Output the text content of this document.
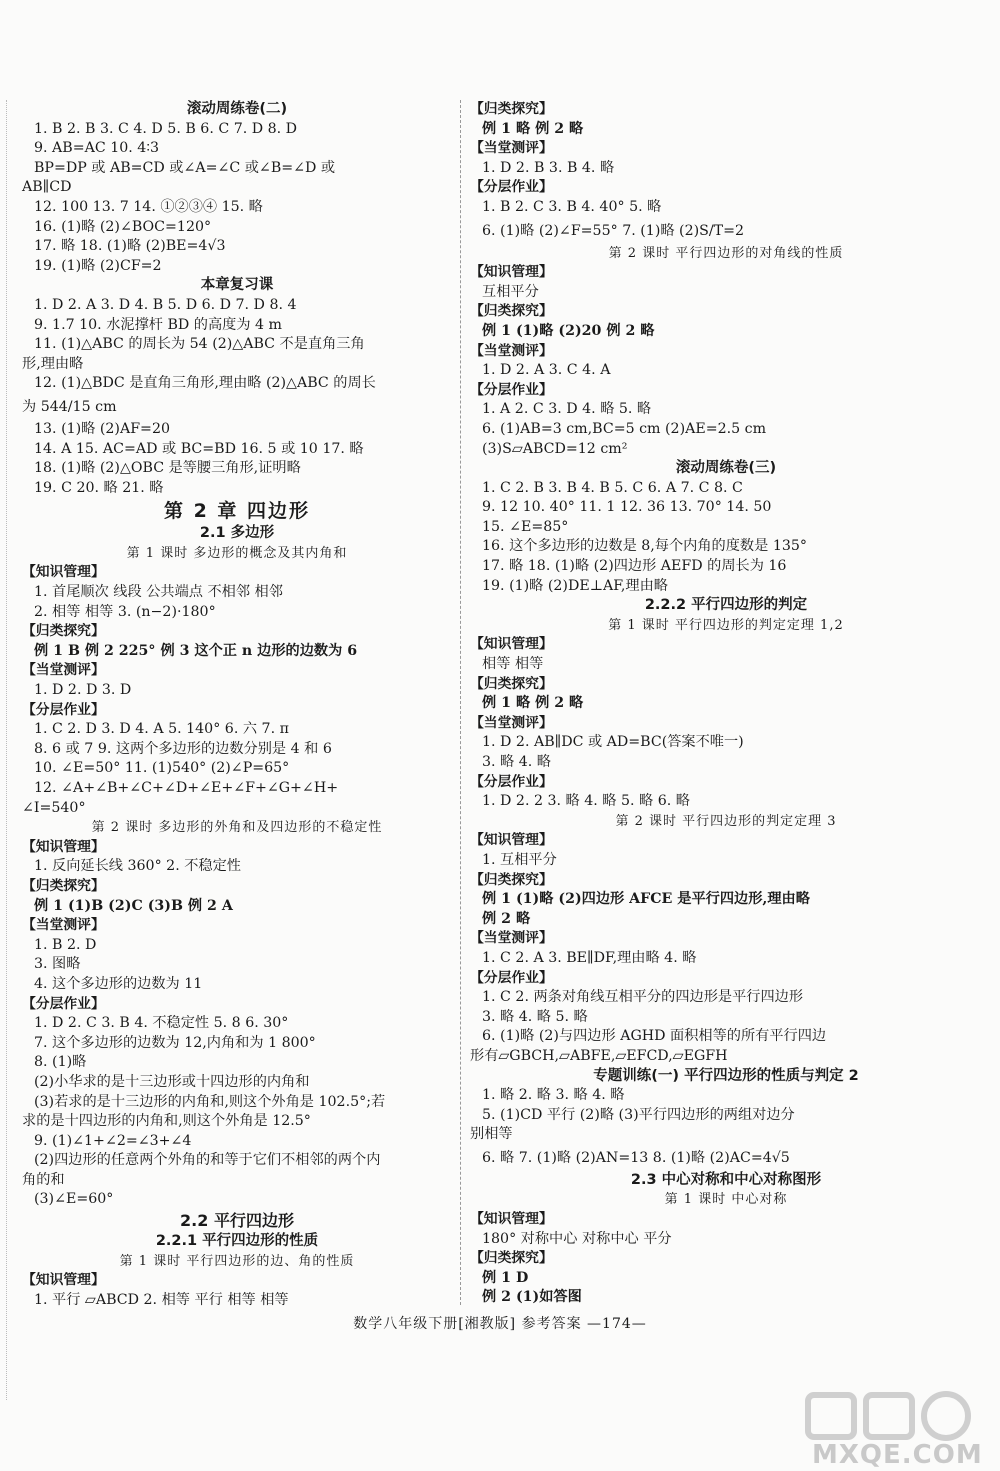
滚动周练卷(二)
1. B 2. B 3. C 4. D 5. B 6. C 7. D 8. D
9. AB=AC 10. 4∶3
BP=DP 或 AB=CD 或∠A=∠C 或∠B=∠D 或
AB∥CD
12. 100 13. 7 14. ①②③④ 15. 略
16. (1)略 (2)∠BOC=120°
17. 略 18. (1)略 (2)BE=4√3
19. (1)略 (2)CF=2
本章复习课
1. D 2. A 3. D 4. B 5. D 6. D 7. D 8. 4
9. 1.7 10. 水泥撑杆 BD 的高度为 4 m
11. (1)△ABC 的周长为 54 (2)△ABC 不是直角三角
形,理由略
12. (1)△BDC 是直角三角形,理由略 (2)△ABC 的周长
为 544/15 cm
13. (1)略 (2)AF=20
14. A 15. AC=AD 或 BC=BD 16. 5 或 10 17. 略
18. (1)略 (2)△OBC 是等腰三角形,证明略
19. C 20. 略 21. 略
第 2 章 四边形
2.1 多边形
第 1 课时 多边形的概念及其内角和
【知识管理】
1. 首尾顺次 线段 公共端点 不相邻 相邻
2. 相等 相等 3. (n−2)·180°
【归类探究】
例 1 B 例 2 225° 例 3 这个正 n 边形的边数为 6
【当堂测评】
1. D 2. D 3. D
【分层作业】
1. C 2. D 3. D 4. A 5. 140° 6. 六 7. π
8. 6 或 7 9. 这两个多边形的边数分别是 4 和 6
10. ∠E=50° 11. (1)540° (2)∠P=65°
12. ∠A+∠B+∠C+∠D+∠E+∠F+∠G+∠H+
∠I=540°
第 2 课时 多边形的外角和及四边形的不稳定性
【知识管理】
1. 反向延长线 360° 2. 不稳定性
【归类探究】
例 1 (1)B (2)C (3)B 例 2 A
【当堂测评】
1. B 2. D
3. 图略
4. 这个多边形的边数为 11
【分层作业】
1. D 2. C 3. B 4. 不稳定性 5. 8 6. 30°
7. 这个多边形的边数为 12,内角和为 1 800°
8. (1)略
(2)小华求的是十三边形或十四边形的内角和
(3)若求的是十三边形的内角和,则这个外角是 102.5°;若
求的是十四边形的内角和,则这个外角是 12.5°
9. (1)∠1+∠2=∠3+∠4
(2)四边形的任意两个外角的和等于它们不相邻的两个内
角的和
(3)∠E=60°
2.2 平行四边形
2.2.1 平行四边形的性质
第 1 课时 平行四边形的边、角的性质
【知识管理】
1. 平行 ▱ABCD 2. 相等 平行 相等 相等
【归类探究】
例 1 略 例 2 略
【当堂测评】
1. D 2. B 3. B 4. 略
【分层作业】
1. B 2. C 3. B 4. 40° 5. 略
6. (1)略 (2)∠F=55° 7. (1)略 (2)S/T=2
第 2 课时 平行四边形的对角线的性质
【知识管理】
互相平分
【归类探究】
例 1 (1)略 (2)20 例 2 略
【当堂测评】
1. D 2. A 3. C 4. A
【分层作业】
1. A 2. C 3. D 4. 略 5. 略
6. (1)AB=3 cm,BC=5 cm (2)AE=2.5 cm
(3)S▱ABCD=12 cm²
滚动周练卷(三)
1. C 2. B 3. B 4. B 5. C 6. A 7. C 8. C
9. 12 10. 40° 11. 1 12. 36 13. 70° 14. 50
15. ∠E=85°
16. 这个多边形的边数是 8,每个内角的度数是 135°
17. 略 18. (1)略 (2)四边形 AEFD 的周长为 16
19. (1)略 (2)DE⊥AF,理由略
2.2.2 平行四边形的判定
第 1 课时 平行四边形的判定定理 1,2
【知识管理】
相等 相等
【归类探究】
例 1 略 例 2 略
【当堂测评】
1. D 2. AB∥DC 或 AD=BC(答案不唯一)
3. 略 4. 略
【分层作业】
1. D 2. 2 3. 略 4. 略 5. 略 6. 略
第 2 课时 平行四边形的判定定理 3
【知识管理】
1. 互相平分
【归类探究】
例 1 (1)略 (2)四边形 AFCE 是平行四边形,理由略
例 2 略
【当堂测评】
1. C 2. A 3. BE∥DF,理由略 4. 略
【分层作业】
1. C 2. 两条对角线互相平分的四边形是平行四边形
3. 略 4. 略 5. 略
6. (1)略 (2)与四边形 AGHD 面积相等的所有平行四边
形有▱GBCH,▱ABFE,▱EFCD,▱EGFH
专题训练(一) 平行四边形的性质与判定 2
1. 略 2. 略 3. 略 4. 略
5. (1)CD 平行 (2)略 (3)平行四边形的两组对边分
别相等
6. 略 7. (1)略 (2)AN=13 8. (1)略 (2)AC=4√5
2.3 中心对称和中心对称图形
第 1 课时 中心对称
【知识管理】
180° 对称中心 对称中心 平分
【归类探究】
例 1 D
例 2 (1)如答图
数学八年级下册[湘教版] 参考答案 —174—
MXQE.COM
